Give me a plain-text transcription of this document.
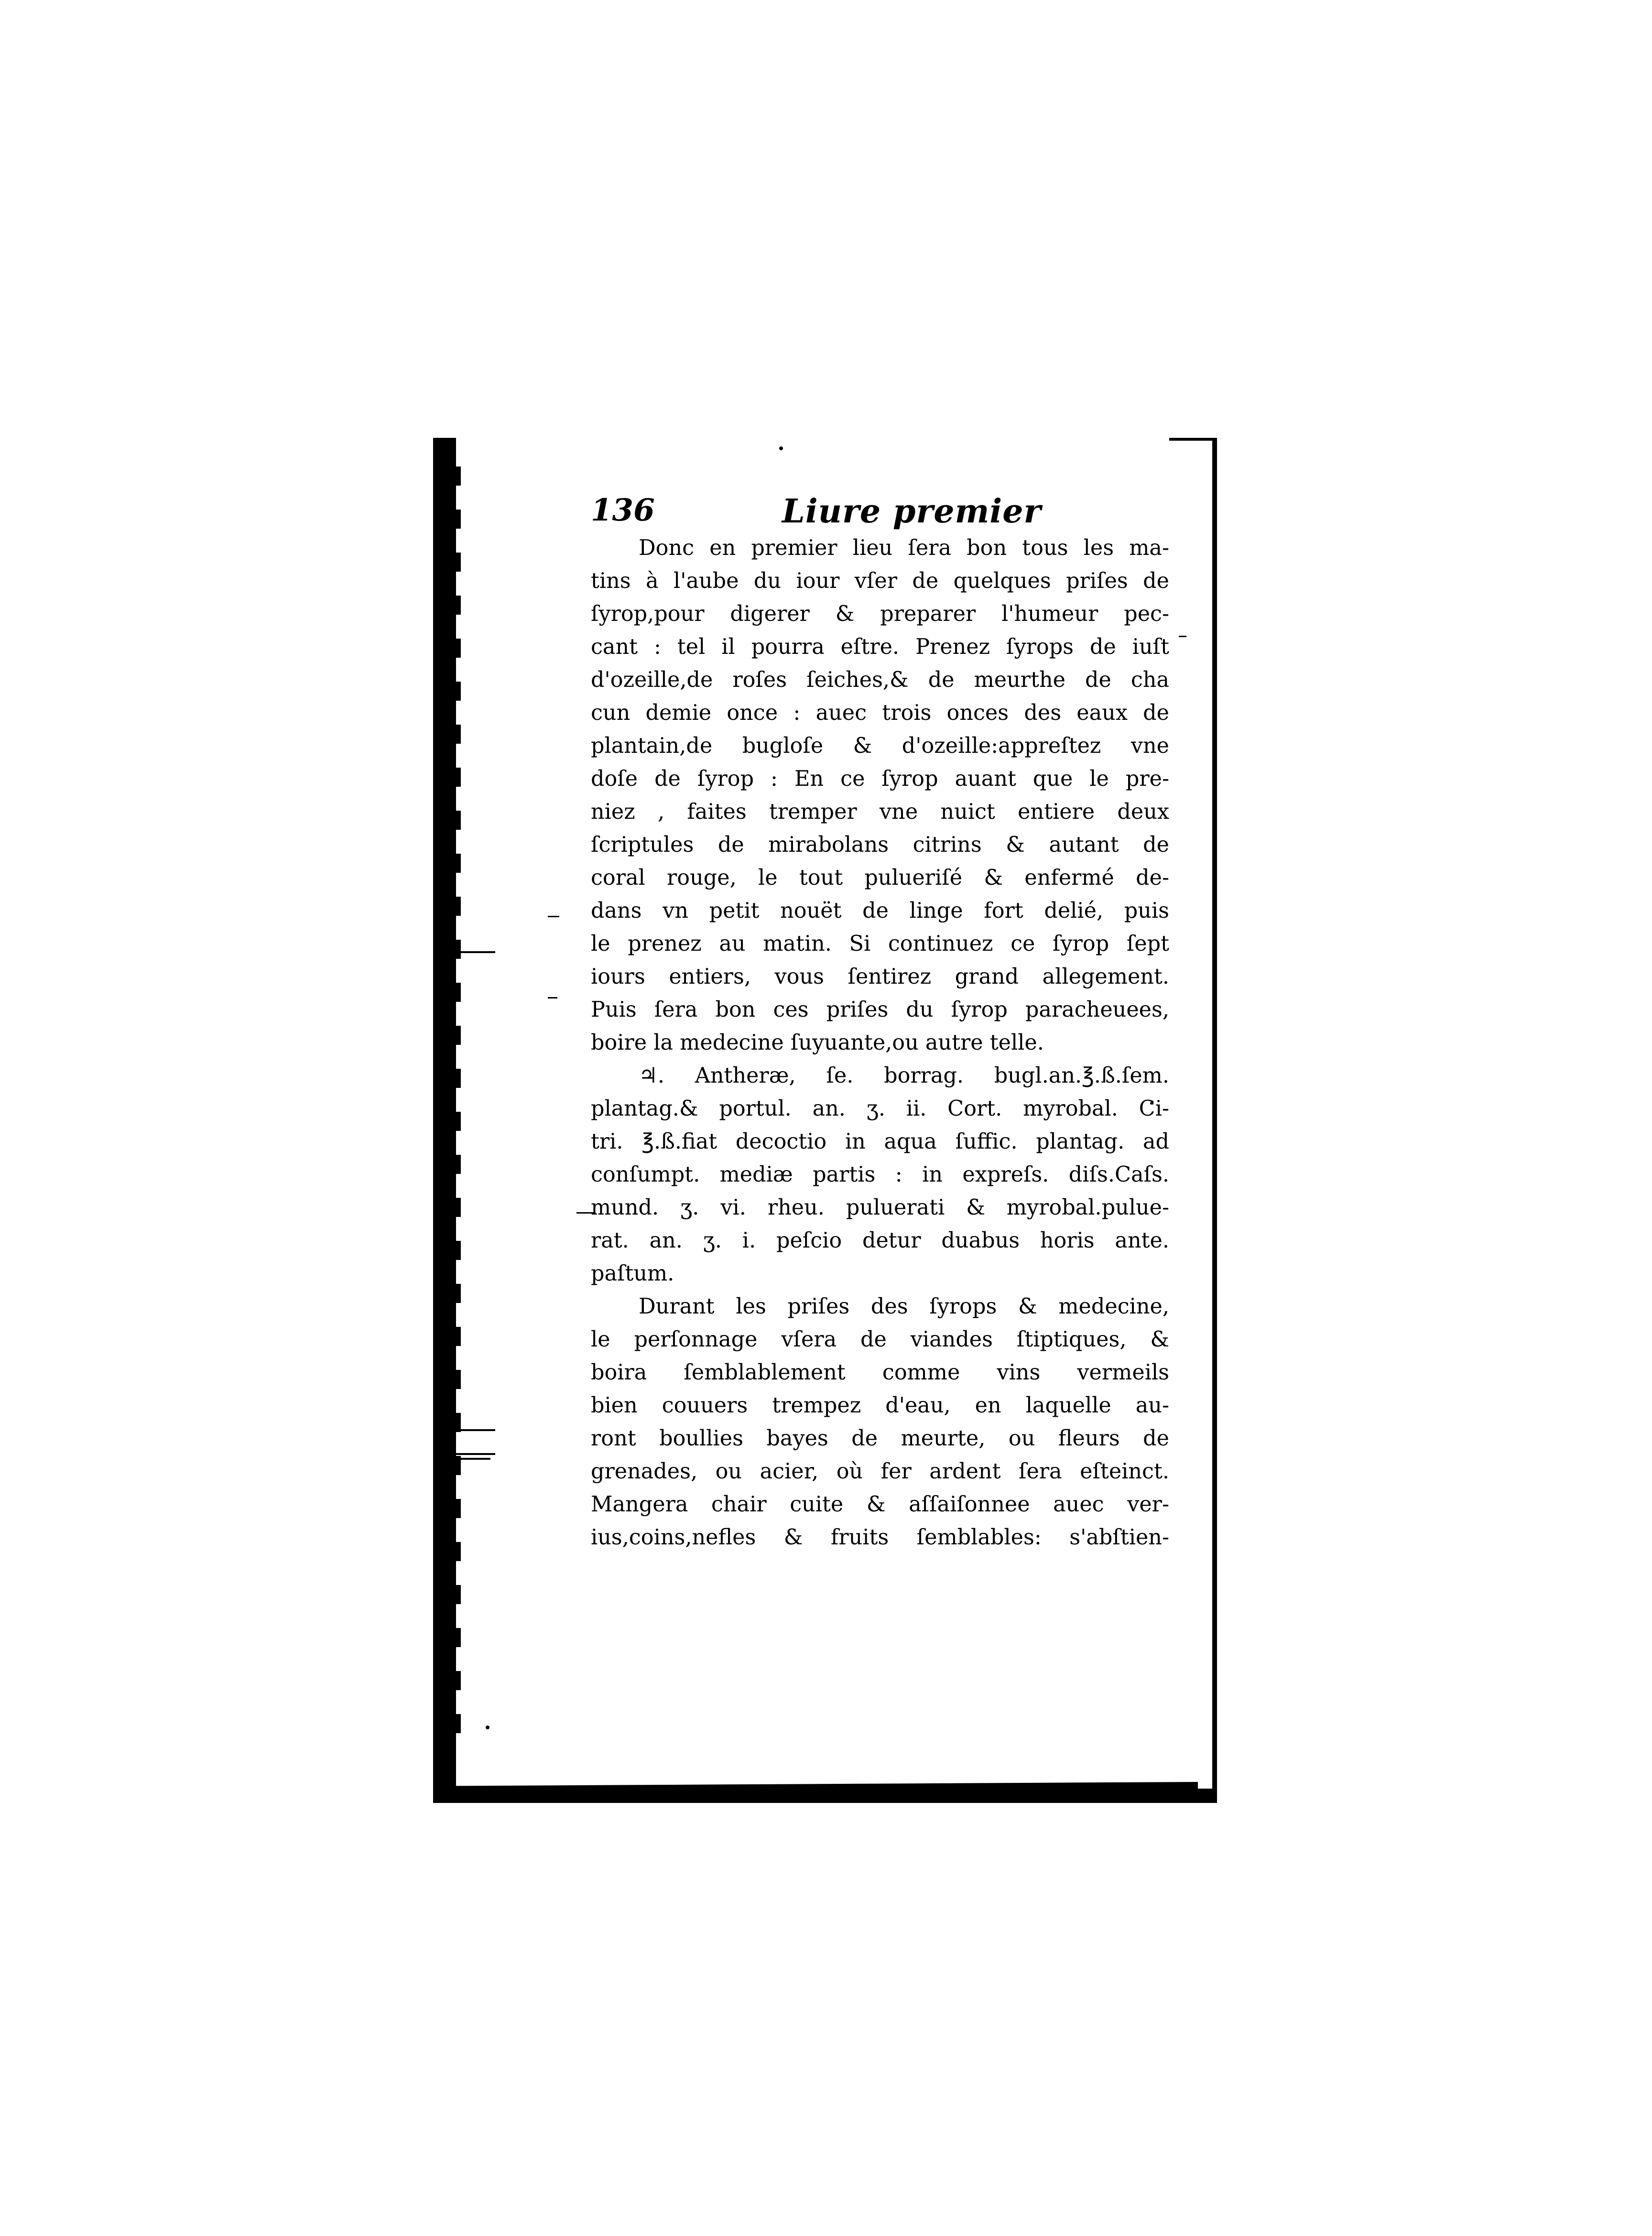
136	Liure premier
Donc en premier lieu ſera bon tous les ma-
tins à l'aube du iour vſer de quelques priſes de
ſyrop,pour digerer & preparer l'humeur pec-
cant : tel il pourra eſtre. Prenez ſyrops de iuſt
d'ozeille,de roſes ſeiches,& de meurthe de cha
cun demie once : auec trois onces des eaux de
plantain,de bugloſe & d'ozeille:appreſtez vne
doſe de ſyrop : En ce ſyrop auant que le pre-
niez , faites tremper vne nuict entiere deux
ſcriptules de mirabolans citrins & autant de
coral rouge, le tout pulueriſé & enfermé de-
dans vn petit nouët de linge fort delié, puis
le prenez au matin. Si continuez ce ſyrop ſept
iours entiers, vous ſentirez grand allegement.
Puis ſera bon ces priſes du ſyrop paracheuees,
boire la medecine ſuyuante,ou autre telle.
♃. Antheræ, ſe. borrag. bugl.an.℥.ß.ſem.
plantag.& portul. an. ʒ. ii. Cort. myrobal. Ci-
tri. ℥.ß.fiat decoctio in aqua ſuffic. plantag. ad
conſumpt. mediæ partis : in expreſs. diſs.Caſs.
mund. ʒ. vi. rheu. puluerati & myrobal.pulue-
rat. an. ʒ. i. peſcio detur duabus horis ante.
paſtum.
Durant les priſes des ſyrops & medecine,
le perſonnage vſera de viandes ſtiptiques, &
boira ſemblablement comme vins vermeils
bien couuers trempez d'eau, en laquelle au-
ront boullies bayes de meurte, ou fleurs de
grenades, ou acier, où fer ardent ſera eſteinct.
Mangera chair cuite & aſſaiſonnee auec ver-
ius,coins,nefles & fruits ſemblables: s'abſtien-
